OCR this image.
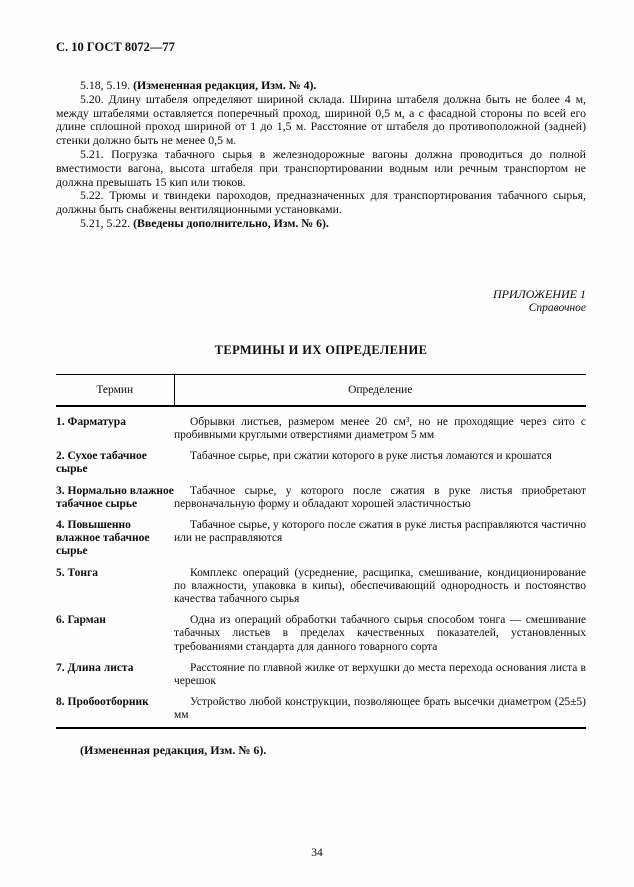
С. 10 ГОСТ 8072—77

5.18, 5.19. (Измененная редакция, Изм. № 4).

5.20. Длину штабеля определяют шириной склада. Ширина штабеля должна быть не более 4 м, между штабелями оставляется поперечный проход, шириной 0,5 м, а с фасадной стороны по всей его длине сплошной проход шириной от 1 до 1,5 м. Расстояние от штабеля до противоположной (задней) стенки должно быть не менее 0,5 м.

5.21. Погрузка табачного сырья в железнодорожные вагоны должна проводиться до полной вместимости вагона, высота штабеля при транспортировании водным или речным транспортом не должна превышать 15 кип или тюков.

5.22. Трюмы и твиндеки пароходов, предназначенных для транспортирования табачного сырья, должны быть снабжены вентиляционными установками.

5.21, 5.22. (Введены дополнительно, Изм. № 6).

ПРИЛОЖЕНИЕ 1
Справочное
ТЕРМИНЫ И ИХ ОПРЕДЕЛЕНИЕ
Термин	Определение
1. Фарматура	Обрывки листьев, размером менее 20 см³, но не проходящие через сито с пробивными круглыми отверстиями диаметром 5 мм
2. Сухое табачное сырье	Табачное сырье, при сжатии которого в руке листья ломаются и крошатся
3. Нормально влажное табачное сырье	Табачное сырье, у которого после сжатия в руке листья приобретают первоначальную форму и обладают хорошей эластичностью
4. Повышенно влажное табачное сырье	Табачное сырье, у которого после сжатия в руке листья расправляются частично или не расправляются
5. Тонга	Комплекс операций (усреднение, расщипка, смешивание, кондиционирование по влажности, упаковка в кипы), обеспечивающий однородность и постоянство качества табачного сырья
6. Гарман	Одна из операций обработки табачного сырья способом тонга — смешивание табачных листьев в пределах качественных показателей, установленных требованиями стандарта для данного товарного сорта
7. Длина листа	Расстояние по главной жилке от верхушки до места перехода основания листа в черешок
8. Пробоотборник	Устройство любой конструкции, позволяющее брать высечки диаметром (25±5) мм

(Измененная редакция, Изм. № 6).

34
